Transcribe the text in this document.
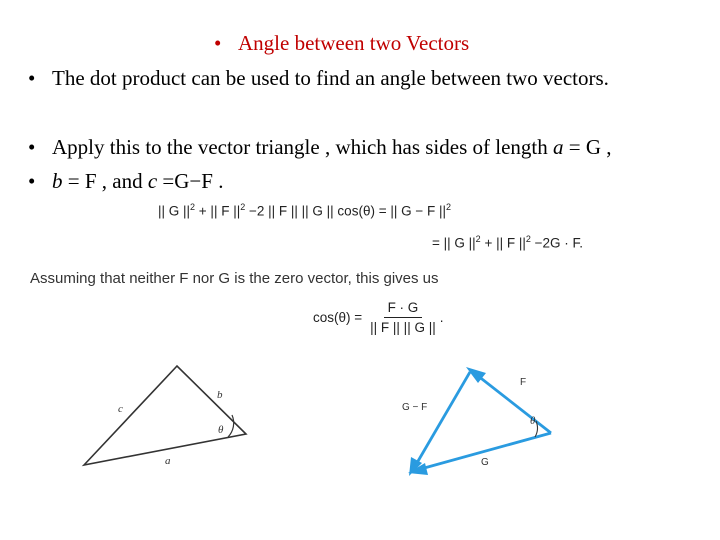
• Angle between two Vectors
• The dot product can be used to find an angle between two vectors.
• Apply this to the vector triangle , which has sides of length a = G ,
• b = F , and c =G−F .
|| G $||^2$ + || F $||^2 -2$ || F || || G || cos(θ) = || G − F $||^2$
= || G $||^2$ + || F $||^2 -2G \cdot F$.
Assuming that neither F nor G is the zero vector, this gives us
$\cos(\theta) = \frac{F \cdot G}{|| F || || G ||}$ .
c
b
θ
a
F
G − F
θ
G
